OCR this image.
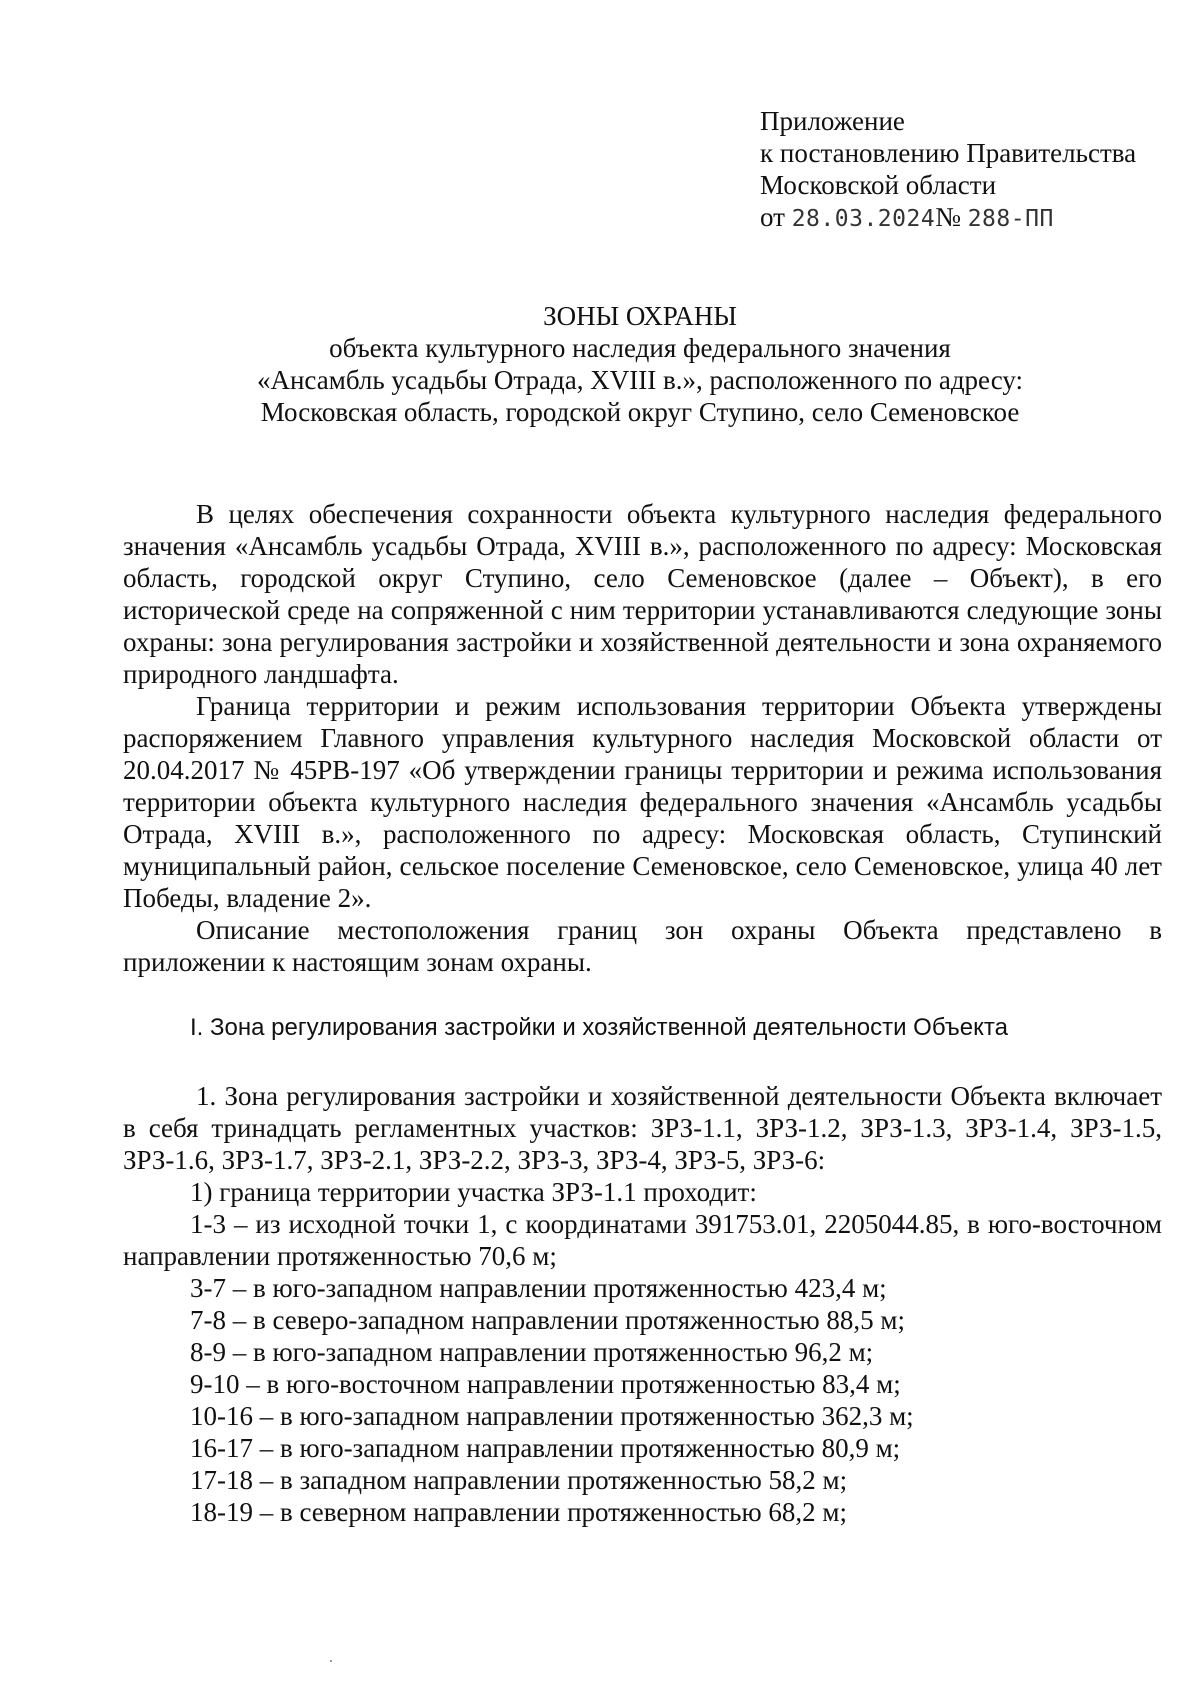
Приложение
к постановлению Правительства
Московской области
от 28.03.2024№ 288-ПП
ЗОНЫ ОХРАНЫ
объекта культурного наследия федерального значения
«Ансамбль усадьбы Отрада, XVIII в.», расположенного по адресу:
Московская область, городской округ Ступино, село Семеновское

В целях обеспечения сохранности объекта культурного наследия федерального значения «Ансамбль усадьбы Отрада, XVIII в.», расположенного по адресу: Московская область, городской округ Ступино, село Семеновское (далее – Объект), в его исторической среде на сопряженной с ним территории устанавливаются следующие зоны охраны: зона регулирования застройки и хозяйственной деятельности и зона охраняемого природного ландшафта.

Граница территории и режим использования территории Объекта утверждены распоряжением Главного управления культурного наследия Московской области от 20.04.2017 № 45РВ-197 «Об утверждении границы территории и режима использования территории объекта культурного наследия федерального значения «Ансамбль усадьбы Отрада, XVIII в.», расположенного по адресу: Московская область, Ступинский муниципальный район, сельское поселение Семеновское, село Семеновское, улица 40 лет Победы, владение 2».

Описание местоположения границ зон охраны Объекта представлено в приложении к настоящим зонам охраны.

I. Зона регулирования застройки и хозяйственной деятельности Объекта

1. Зона регулирования застройки и хозяйственной деятельности Объекта включает в себя тринадцать регламентных участков: ЗРЗ-1.1, ЗРЗ-1.2, ЗРЗ-1.3, ЗРЗ-1.4, ЗРЗ-1.5, ЗРЗ-1.6, ЗРЗ-1.7, ЗРЗ-2.1, ЗРЗ-2.2, ЗРЗ-3, ЗРЗ-4, ЗРЗ-5, ЗРЗ-6:

1) граница территории участка ЗРЗ-1.1 проходит:
1-3 – из исходной точки 1, с координатами 391753.01, 2205044.85, в юго-восточном направлении протяженностью 70,6 м;
3-7 – в юго-западном направлении протяженностью 423,4 м;
7-8 – в северо-западном направлении протяженностью 88,5 м;
8-9 – в юго-западном направлении протяженностью 96,2 м;
9-10 – в юго-восточном направлении протяженностью 83,4 м;
10-16 – в юго-западном направлении протяженностью 362,3 м;
16-17 – в юго-западном направлении протяженностью 80,9 м;
17-18 – в западном направлении протяженностью 58,2 м;
18-19 – в северном направлении протяженностью 68,2 м;
